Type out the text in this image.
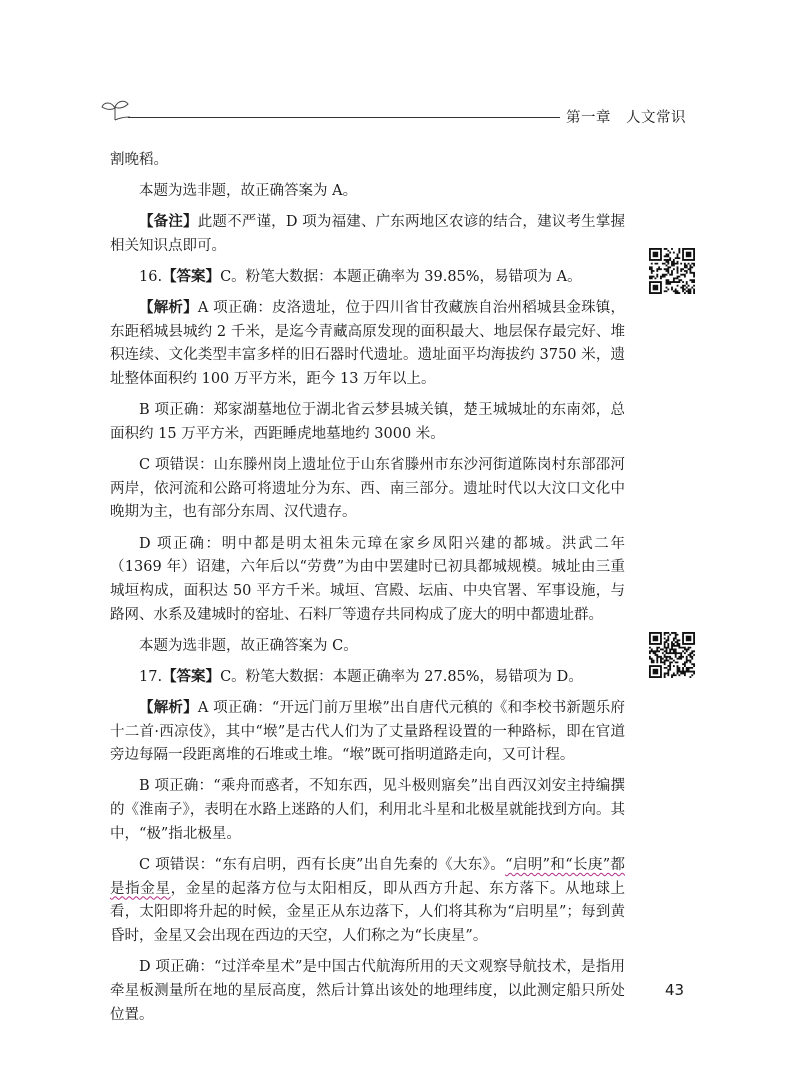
第一章　人文常识

割晚稻。

本题为选非题，故正确答案为 A。

【备注】此题不严谨，D 项为福建、广东两地区农谚的结合，建议考生掌握相关知识点即可。

16.【答案】C。粉笔大数据：本题正确率为 39.85%，易错项为 A。

【解析】A 项正确：皮洛遗址，位于四川省甘孜藏族自治州稻城县金珠镇，东距稻城县城约 2 千米，是迄今青藏高原发现的面积最大、地层保存最完好、堆积连续、文化类型丰富多样的旧石器时代遗址。遗址面平均海拔约 3750 米，遗址整体面积约 100 万平方米，距今 13 万年以上。

B 项正确：郑家湖墓地位于湖北省云梦县城关镇，楚王城城址的东南郊，总面积约 15 万平方米，西距睡虎地墓地约 3000 米。

C 项错误：山东滕州岗上遗址位于山东省滕州市东沙河街道陈岗村东部邵河两岸，依河流和公路可将遗址分为东、西、南三部分。遗址时代以大汶口文化中晚期为主，也有部分东周、汉代遗存。

D 项正确：明中都是明太祖朱元璋在家乡凤阳兴建的都城。洪武二年（1369 年）诏建，六年后以“劳费”为由中罢建时已初具都城规模。城址由三重城垣构成，面积达 50 平方千米。城垣、宫殿、坛庙、中央官署、军事设施，与路网、水系及建城时的窑址、石料厂等遗存共同构成了庞大的明中都遗址群。

本题为选非题，故正确答案为 C。

17.【答案】C。粉笔大数据：本题正确率为 27.85%，易错项为 D。

【解析】A 项正确：“开远门前万里堠”出自唐代元稹的《和李校书新题乐府十二首·西凉伎》，其中“堠”是古代人们为了丈量路程设置的一种路标，即在官道旁边每隔一段距离堆的石堆或土堆。“堠”既可指明道路走向，又可计程。

B 项正确：“乘舟而惑者，不知东西，见斗极则寤矣”出自西汉刘安主持编撰的《淮南子》，表明在水路上迷路的人们，利用北斗星和北极星就能找到方向。其中，“极”指北极星。

C 项错误：“东有启明，西有长庚”出自先秦的《大东》。“启明”和“长庚”都是指金星，金星的起落方位与太阳相反，即从西方升起、东方落下。从地球上看，太阳即将升起的时候，金星正从东边落下，人们将其称为“启明星”；每到黄昏时，金星又会出现在西边的天空，人们称之为“长庚星”。

D 项正确：“过洋牵星术”是中国古代航海所用的天文观察导航技术，是指用牵星板测量所在地的星辰高度，然后计算出该处的地理纬度，以此测定船只所处位置。

43
